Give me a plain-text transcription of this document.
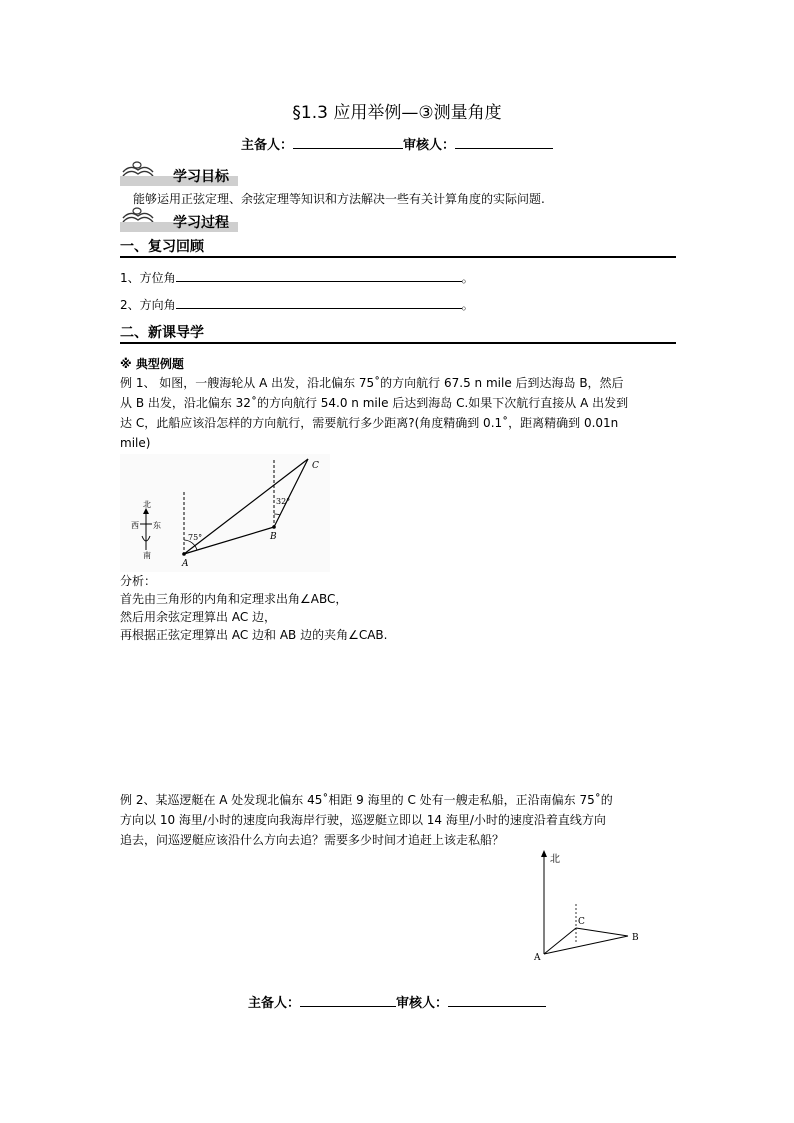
§1.3 应用举例—③测量角度
主备人：	审核人：
学习目标
能够运用正弦定理、余弦定理等知识和方法解决一些有关计算角度的实际问题.
学习过程
一、复习回顾
1、方位角	。
2、方向角	。
二、新课导学
※ 典型例题
例 1、 如图，一艘海轮从 A 出发，沿北偏东 75˚的方向航行 67.5 n mile 后到达海岛 B，然后
从 B 出发，沿北偏东 32˚的方向航行 54.0 n mile 后达到海岛 C.如果下次航行直接从 A 出发到
达 C，此船应该沿怎样的方向航行，需要航行多少距离?(角度精确到 0.1˚，距离精确到 0.01n
mile)
北
西 东
南
75°
32°
A
B
C
分析：
首先由三角形的内角和定理求出角∠ABC，
然后用余弦定理算出 AC 边，
再根据正弦定理算出 AC 边和 AB 边的夹角∠CAB.
例 2、某巡逻艇在 A 处发现北偏东 45˚相距 9 海里的 C 处有一艘走私船，正沿南偏东 75˚的
方向以 10 海里/小时的速度向我海岸行驶，巡逻艇立即以 14 海里/小时的速度沿着直线方向
追去，问巡逻艇应该沿什么方向去追？需要多少时间才追赶上该走私船？
北
A
B
C
主备人：	审核人：
